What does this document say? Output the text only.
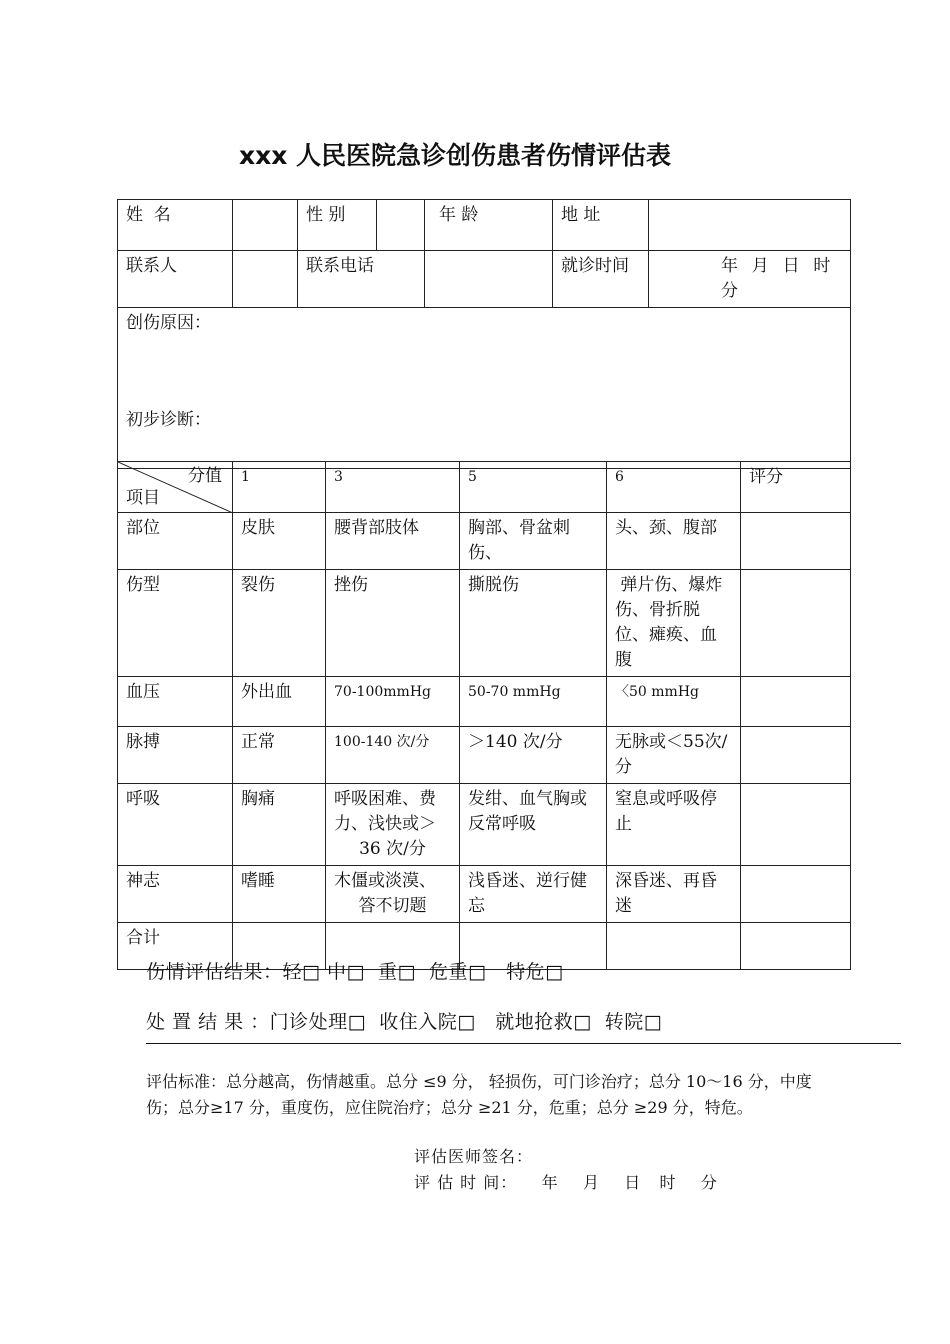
xxx 人民医院急诊创伤患者伤情评估表
姓  名		性 别		年 龄	地 址	
联系人		联系电话			就诊时间	年  月  日  时  分

创伤原因：
初步诊断：						
分值
项目	1	3	5	6	评分
部位	皮肤	腰背部肢体	胸部、骨盆刺伤、	头、颈、腹部	
伤型	裂伤	挫伤	撕脱伤	弹片伤、爆炸伤、骨折脱位、瘫痪、血腹	
血压	外出血	70-100mmHg	50-70 mmHg	〈50 mmHg	
脉搏	正常	100-140 次/分	＞140 次/分	无脉或＜55次/分	
呼吸	胸痛	呼吸困难、费力、浅快或＞
36 次/分	发绀、血气胸或反常呼吸	窒息或呼吸停止	
神志	嗜睡	木僵或淡漠、
答不切题	浅昏迷、逆行健忘	深昏迷、再昏迷	
合计					
伤情评估结果：轻□ 中□  重□  危重□   特危□
处 置 结 果 ：门诊处理□  收住入院□   就地抢救□  转院□
评估标准：总分越高，伤情越重。总分 ≤9 分， 轻损伤，可门诊治疗；总分 10～16 分，中度伤；总分≥17 分，重度伤，应住院治疗；总分 ≥21 分，危重；总分 ≥29 分，特危。
评估医师签名：
评 估 时 间：    年    月    日   时    分
